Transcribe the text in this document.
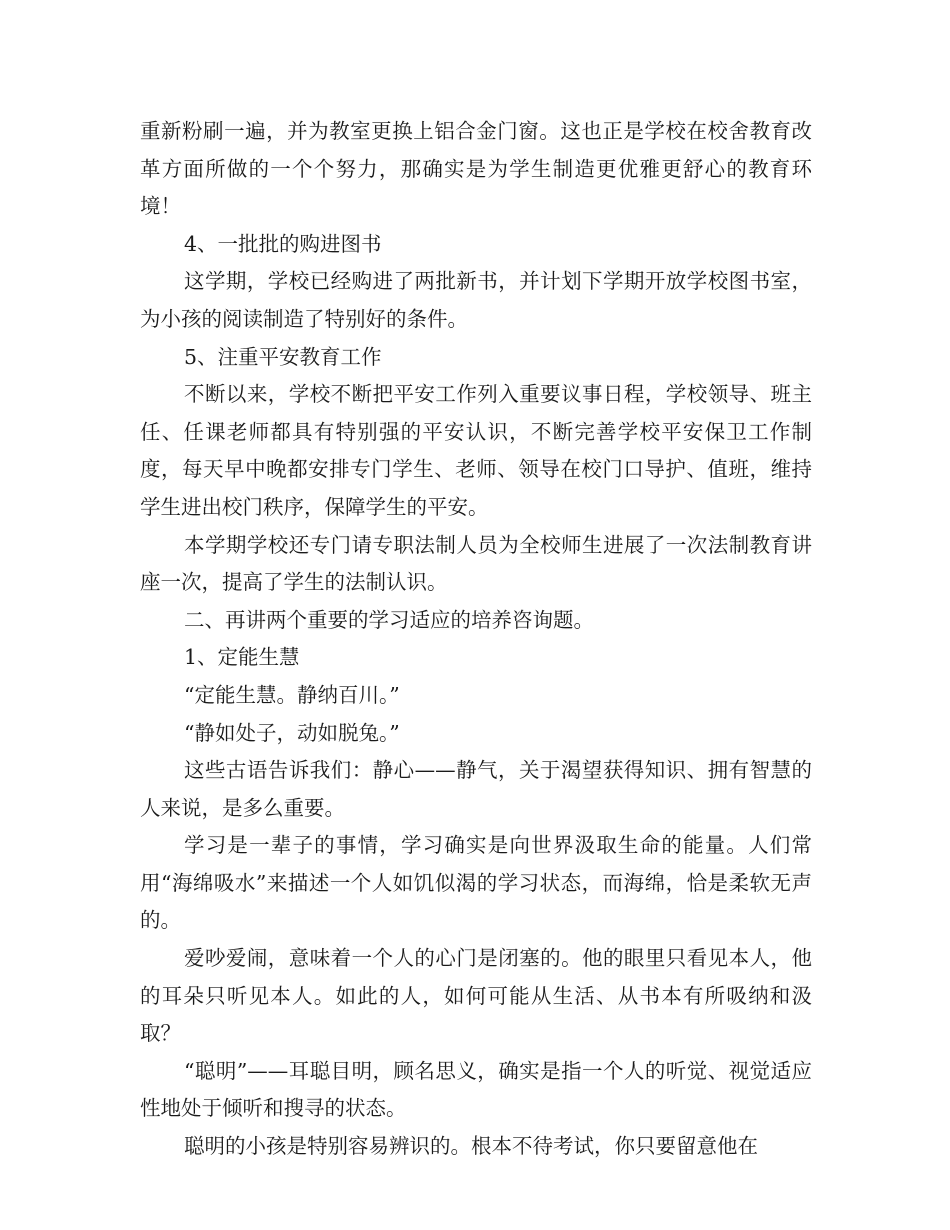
重新粉刷一遍，并为教室更换上铝合金门窗。这也正是学校在校舍教育改革方面所做的一个个努力，那确实是为学生制造更优雅更舒心的教育环境！

4、一批批的购进图书

这学期，学校已经购进了两批新书，并计划下学期开放学校图书室，为小孩的阅读制造了特别好的条件。

5、注重平安教育工作

不断以来，学校不断把平安工作列入重要议事日程，学校领导、班主任、任课老师都具有特别强的平安认识，不断完善学校平安保卫工作制度，每天早中晚都安排专门学生、老师、领导在校门口导护、值班，维持学生进出校门秩序，保障学生的平安。

本学期学校还专门请专职法制人员为全校师生进展了一次法制教育讲座一次，提高了学生的法制认识。

二、再讲两个重要的学习适应的培养咨询题。

1、定能生慧

“定能生慧。静纳百川。”

“静如处子，动如脱兔。”

这些古语告诉我们：静心——静气，关于渴望获得知识、拥有智慧的人来说，是多么重要。

学习是一辈子的事情，学习确实是向世界汲取生命的能量。人们常用“海绵吸水”来描述一个人如饥似渴的学习状态，而海绵，恰是柔软无声的。

爱吵爱闹，意味着一个人的心门是闭塞的。他的眼里只看见本人，他的耳朵只听见本人。如此的人，如何可能从生活、从书本有所吸纳和汲取？

“聪明”——耳聪目明，顾名思义，确实是指一个人的听觉、视觉适应性地处于倾听和搜寻的状态。

聪明的小孩是特别容易辨识的。根本不待考试，你只要留意他在
